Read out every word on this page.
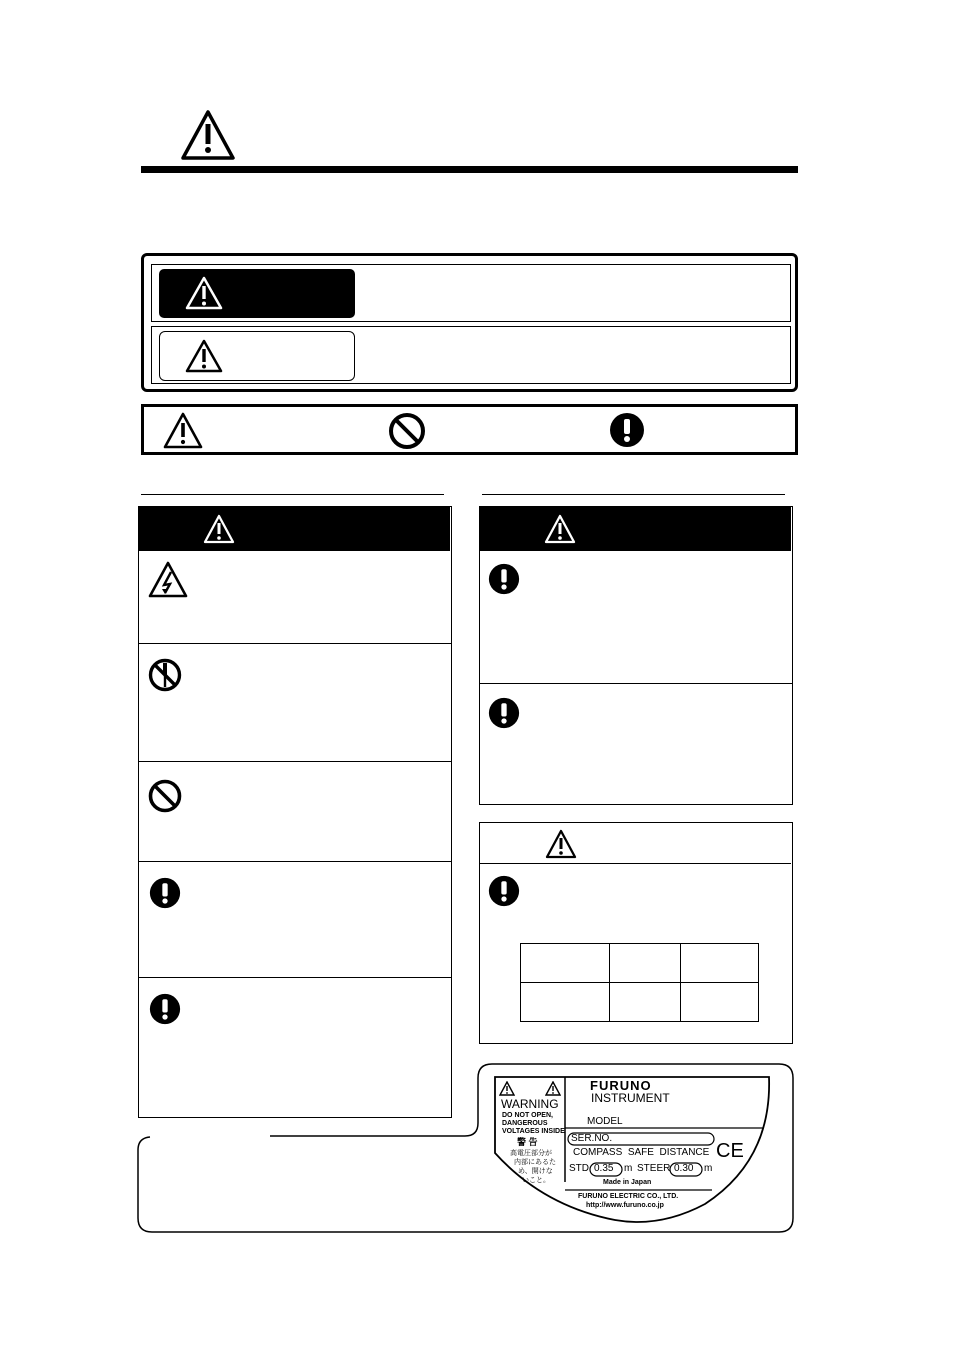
WARNING
DO NOT OPEN,
DANGEROUS
VOLTAGES INSIDE
警 告
高電圧部分が
内部にあるた
め、開けな
いこと。
FURUNO
INSTRUMENT
MODEL
SER.NO.
COMPASS  SAFE  DISTANCE
STD 0.35 m STEER 0.30 m
CE
Made in Japan
FURUNO ELECTRIC CO., LTD.
http://www.furuno.co.jp
